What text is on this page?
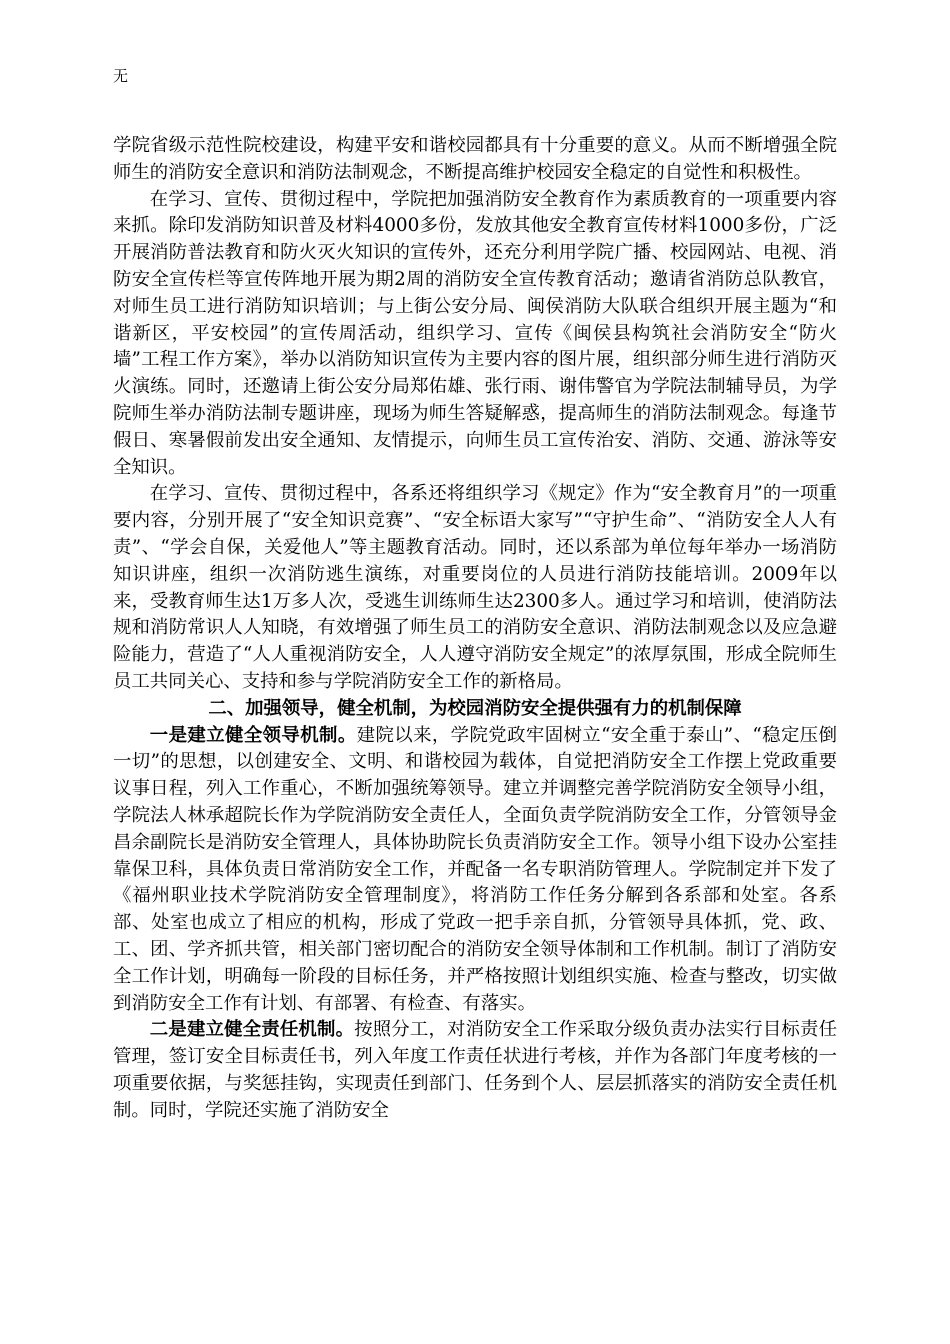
无

学院省级示范性院校建设，构建平安和谐校园都具有十分重要的意义。从而不断增强全院师生的消防安全意识和消防法制观念，不断提高维护校园安全稳定的自觉性和积极性。

在学习、宣传、贯彻过程中，学院把加强消防安全教育作为素质教育的一项重要内容来抓。除印发消防知识普及材料4000多份，发放其他安全教育宣传材料1000多份，广泛开展消防普法教育和防火灭火知识的宣传外，还充分利用学院广播、校园网站、电视、消防安全宣传栏等宣传阵地开展为期2周的消防安全宣传教育活动；邀请省消防总队教官，对师生员工进行消防知识培训；与上街公安分局、闽侯消防大队联合组织开展主题为“和谐新区，平安校园”的宣传周活动，组织学习、宣传《闽侯县构筑社会消防安全“防火墙”工程工作方案》，举办以消防知识宣传为主要内容的图片展，组织部分师生进行消防灭火演练。同时，还邀请上街公安分局郑佑雄、张行雨、谢伟警官为学院法制辅导员，为学院师生举办消防法制专题讲座，现场为师生答疑解惑，提高师生的消防法制观念。每逢节假日、寒暑假前发出安全通知、友情提示，向师生员工宣传治安、消防、交通、游泳等安全知识。

在学习、宣传、贯彻过程中，各系还将组织学习《规定》作为“安全教育月”的一项重要内容，分别开展了“安全知识竞赛”、“安全标语大家写”“守护生命”、“消防安全人人有责”、“学会自保，关爱他人”等主题教育活动。同时，还以系部为单位每年举办一场消防知识讲座，组织一次消防逃生演练，对重要岗位的人员进行消防技能培训。2009年以来，受教育师生达1万多人次，受逃生训练师生达2300多人。通过学习和培训，使消防法规和消防常识人人知晓，有效增强了师生员工的消防安全意识、消防法制观念以及应急避险能力，营造了“人人重视消防安全，人人遵守消防安全规定”的浓厚氛围，形成全院师生员工共同关心、支持和参与学院消防安全工作的新格局。

二、加强领导，健全机制，为校园消防安全提供强有力的机制保障

一是建立健全领导机制。建院以来，学院党政牢固树立“安全重于泰山”、“稳定压倒一切”的思想，以创建安全、文明、和谐校园为载体，自觉把消防安全工作摆上党政重要议事日程，列入工作重心，不断加强统筹领导。建立并调整完善学院消防安全领导小组，学院法人林承超院长作为学院消防安全责任人，全面负责学院消防安全工作，分管领导金昌余副院长是消防安全管理人，具体协助院长负责消防安全工作。领导小组下设办公室挂靠保卫科，具体负责日常消防安全工作，并配备一名专职消防管理人。学院制定并下发了《福州职业技术学院消防安全管理制度》，将消防工作任务分解到各系部和处室。各系部、处室也成立了相应的机构，形成了党政一把手亲自抓，分管领导具体抓，党、政、工、团、学齐抓共管，相关部门密切配合的消防安全领导体制和工作机制。制订了消防安全工作计划，明确每一阶段的目标任务，并严格按照计划组织实施、检查与整改，切实做到消防安全工作有计划、有部署、有检查、有落实。

二是建立健全责任机制。按照分工，对消防安全工作采取分级负责办法实行目标责任管理，签订安全目标责任书，列入年度工作责任状进行考核，并作为各部门年度考核的一项重要依据，与奖惩挂钩，实现责任到部门、任务到个人、层层抓落实的消防安全责任机制。同时，学院还实施了消防安全
